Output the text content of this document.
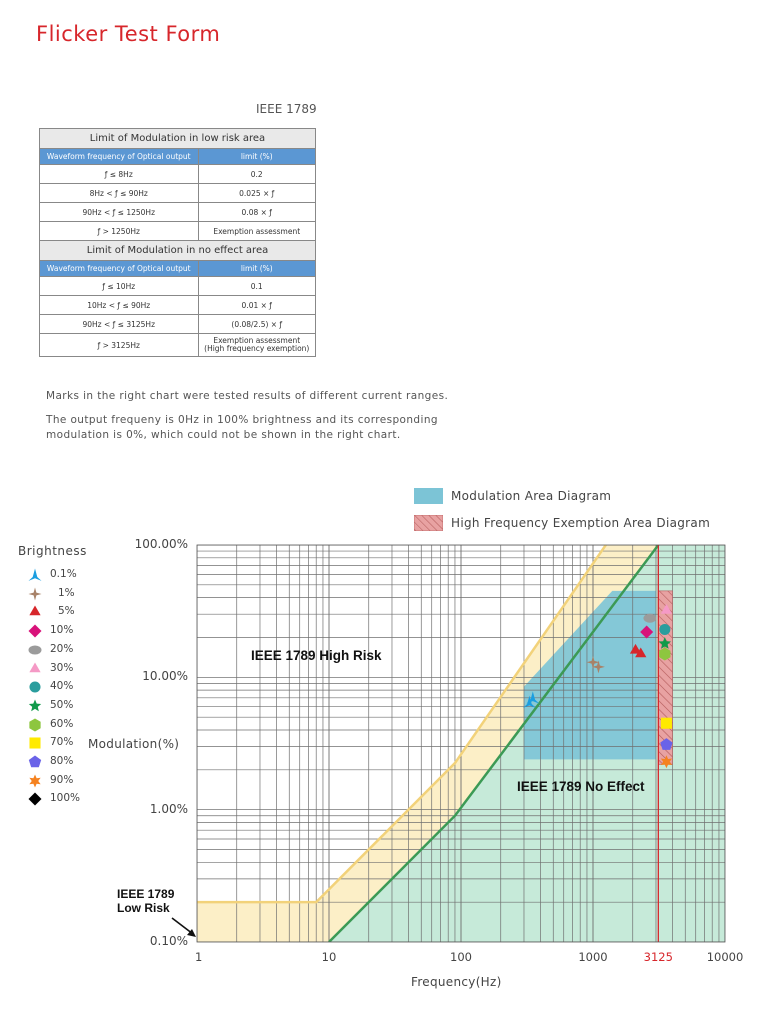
Flicker Test Form
IEEE 1789
Limit of Modulation in low risk area	
Waveform frequency of Optical output	limit (%)
ƒ ≤ 8Hz	0.2
8Hz < ƒ ≤ 90Hz	0.025 × ƒ
90Hz < ƒ ≤ 1250Hz	0.08 × ƒ
ƒ > 1250Hz	Exemption assessment
Limit of Modulation in no effect area	
Waveform frequency of Optical output	limit (%)
ƒ ≤ 10Hz	0.1
10Hz < ƒ ≤ 90Hz	0.01 × ƒ
90Hz < ƒ ≤ 3125Hz	(0.08/2.5) × ƒ
ƒ > 3125Hz	Exemption assessment
(High frequency exemption)
Marks in the right chart were tested results of different current ranges.
The output frequeny is 0Hz in 100% brightness and its corresponding
modulation is 0%, which could not be shown in the right chart.
Modulation Area Diagram
High Frequency Exemption Area Diagram
Brightness
0.1%
1%
5%
10%
20%
30%
40%
50%
60%
70%
80%
90%
100%
100.00%
10.00%
1.00%
0.10%
1	10	100	1000	3125	10000
Modulation(%)
Frequency(Hz)
IEEE 1789 High Risk
IEEE 1789 No Effect
IEEE 1789
Low Risk
